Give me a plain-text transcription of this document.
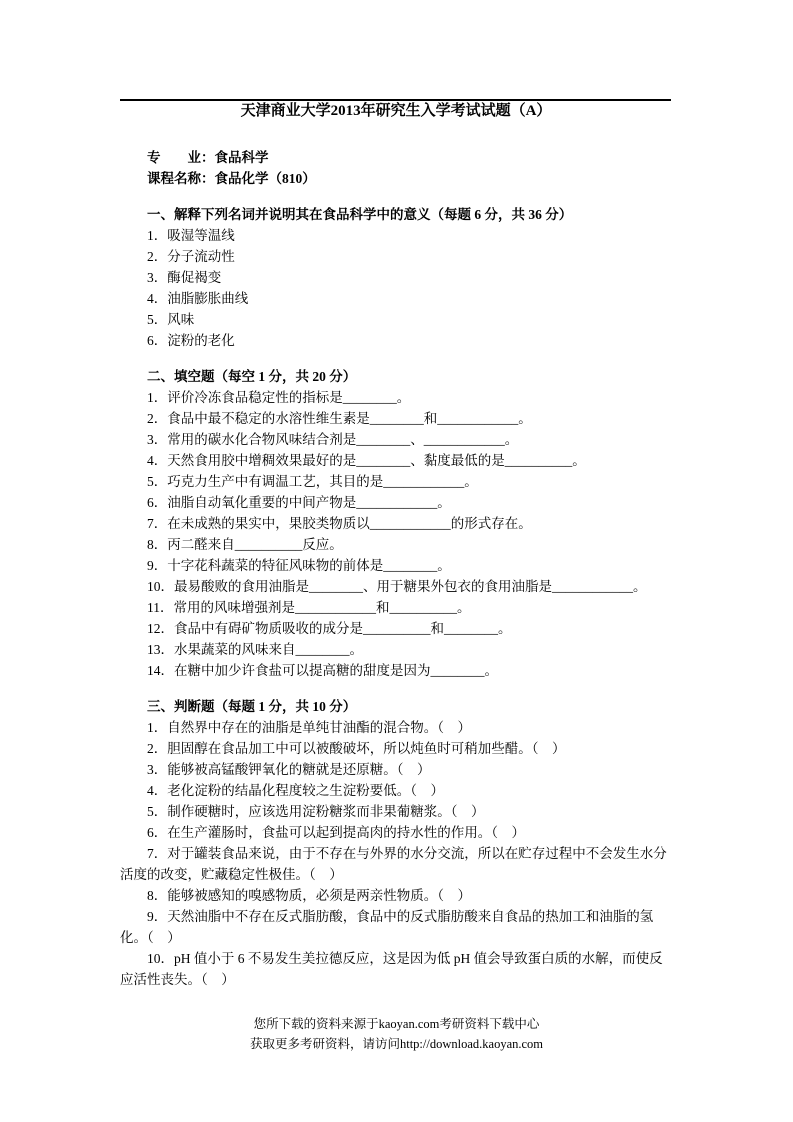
天津商业大学2013年研究生入学考试试题（A）

专　　业：食品科学

课程名称：食品化学（810）

一、解释下列名词并说明其在食品科学中的意义（每题 6 分，共 36 分）

1．吸湿等温线

2．分子流动性

3．酶促褐变

4．油脂膨胀曲线

5．风味

6．淀粉的老化

二、填空题（每空 1 分，共 20 分）

1．评价冷冻食品稳定性的指标是________。

2．食品中最不稳定的水溶性维生素是________和____________。

3．常用的碳水化合物风味结合剂是________、____________。

4．天然食用胶中增稠效果最好的是________、黏度最低的是__________。

5．巧克力生产中有调温工艺，其目的是____________。

6．油脂自动氧化重要的中间产物是____________。

7．在未成熟的果实中，果胶类物质以____________的形式存在。

8．丙二醛来自__________反应。

9．十字花科蔬菜的特征风味物的前体是________。

10．最易酸败的食用油脂是________、用于糖果外包衣的食用油脂是____________。

11．常用的风味增强剂是____________和__________。

12．食品中有碍矿物质吸收的成分是__________和________。

13．水果蔬菜的风味来自________。

14．在糖中加少许食盐可以提高糖的甜度是因为________。

三、判断题（每题 1 分，共 10 分）

1．自然界中存在的油脂是单纯甘油酯的混合物。（　）

2．胆固醇在食品加工中可以被酸破坏，所以炖鱼时可稍加些醋。（　）

3．能够被高锰酸钾氧化的糖就是还原糖。（　）

4．老化淀粉的结晶化程度较之生淀粉要低。（　）

5．制作硬糖时，应该选用淀粉糖浆而非果葡糖浆。（　）

6．在生产灌肠时，食盐可以起到提高肉的持水性的作用。（　）

7．对于罐装食品来说，由于不存在与外界的水分交流，所以在贮存过程中不会发生水分活度的改变，贮藏稳定性极佳。（　）

8．能够被感知的嗅感物质，必须是两亲性物质。（　）

9．天然油脂中不存在反式脂肪酸，食品中的反式脂肪酸来自食品的热加工和油脂的氢化。（　）

10．pH 值小于 6 不易发生美拉德反应，这是因为低 pH 值会导致蛋白质的水解，而使反应活性丧失。（　）

您所下载的资料来源于kaoyan.com考研资料下载中心

获取更多考研资料，请访问http://download.kaoyan.com
